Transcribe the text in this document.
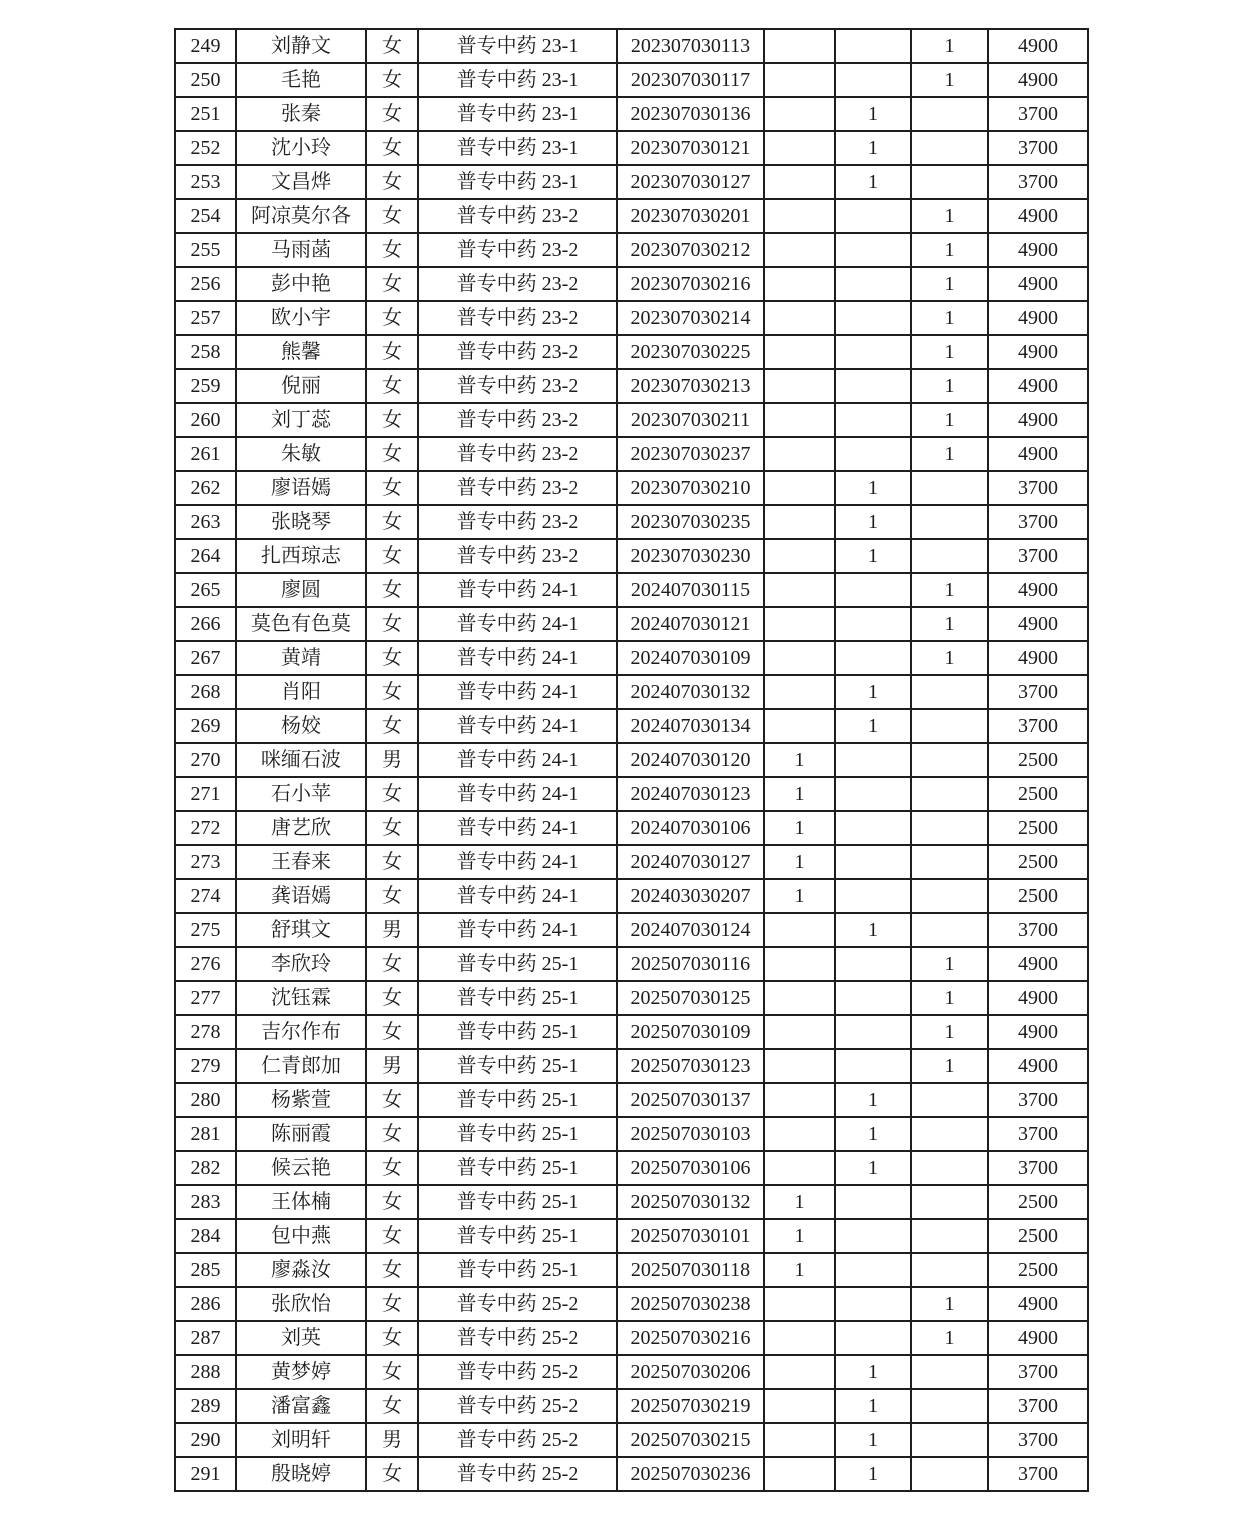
249	刘静文	女	普专中药 23-1	202307030113			1	4900
250	毛艳	女	普专中药 23-1	202307030117			1	4900
251	张秦	女	普专中药 23-1	202307030136		1		3700
252	沈小玲	女	普专中药 23-1	202307030121		1		3700
253	文昌烨	女	普专中药 23-1	202307030127		1		3700
254	阿凉莫尔各	女	普专中药 23-2	202307030201			1	4900
255	马雨菡	女	普专中药 23-2	202307030212			1	4900
256	彭中艳	女	普专中药 23-2	202307030216			1	4900
257	欧小宇	女	普专中药 23-2	202307030214			1	4900
258	熊馨	女	普专中药 23-2	202307030225			1	4900
259	倪丽	女	普专中药 23-2	202307030213			1	4900
260	刘丁蕊	女	普专中药 23-2	202307030211			1	4900
261	朱敏	女	普专中药 23-2	202307030237			1	4900
262	廖语嫣	女	普专中药 23-2	202307030210		1		3700
263	张晓琴	女	普专中药 23-2	202307030235		1		3700
264	扎西琼志	女	普专中药 23-2	202307030230		1		3700
265	廖圆	女	普专中药 24-1	202407030115			1	4900
266	莫色有色莫	女	普专中药 24-1	202407030121			1	4900
267	黄靖	女	普专中药 24-1	202407030109			1	4900
268	肖阳	女	普专中药 24-1	202407030132		1		3700
269	杨姣	女	普专中药 24-1	202407030134		1		3700
270	咪缅石波	男	普专中药 24-1	202407030120	1			2500
271	石小苹	女	普专中药 24-1	202407030123	1			2500
272	唐艺欣	女	普专中药 24-1	202407030106	1			2500
273	王春来	女	普专中药 24-1	202407030127	1			2500
274	龚语嫣	女	普专中药 24-1	202403030207	1			2500
275	舒琪文	男	普专中药 24-1	202407030124		1		3700
276	李欣玲	女	普专中药 25-1	202507030116			1	4900
277	沈钰霖	女	普专中药 25-1	202507030125			1	4900
278	吉尔作布	女	普专中药 25-1	202507030109			1	4900
279	仁青郎加	男	普专中药 25-1	202507030123			1	4900
280	杨紫萱	女	普专中药 25-1	202507030137		1		3700
281	陈丽霞	女	普专中药 25-1	202507030103		1		3700
282	候云艳	女	普专中药 25-1	202507030106		1		3700
283	王体楠	女	普专中药 25-1	202507030132	1			2500
284	包中燕	女	普专中药 25-1	202507030101	1			2500
285	廖淼汝	女	普专中药 25-1	202507030118	1			2500
286	张欣怡	女	普专中药 25-2	202507030238			1	4900
287	刘英	女	普专中药 25-2	202507030216			1	4900
288	黄梦婷	女	普专中药 25-2	202507030206		1		3700
289	潘富鑫	女	普专中药 25-2	202507030219		1		3700
290	刘明轩	男	普专中药 25-2	202507030215		1		3700
291	殷晓婷	女	普专中药 25-2	202507030236		1		3700
